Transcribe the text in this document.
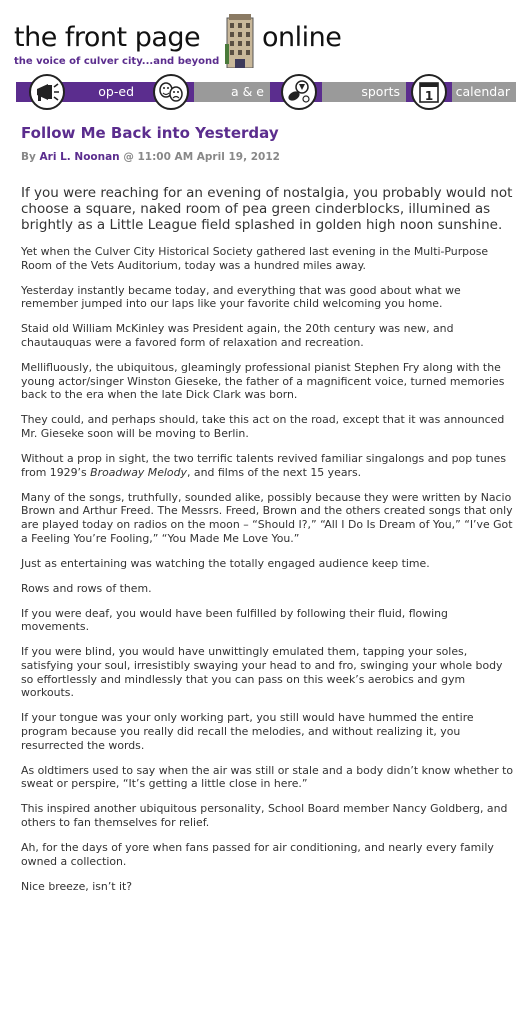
the front page online
the voice of culver city...and beyond
op-ed	a & e	sports	1 calendar
Follow Me Back into Yesterday
By Ari L. Noonan @ 11:00 AM April 19, 2012
If you were reaching for an evening of nostalgia, you probably would not choose a square, naked room of pea green cinderblocks, illumined as brightly as a Little League field splashed in golden high noon sunshine.

Yet when the Culver City Historical Society gathered last evening in the Multi-Purpose Room of the Vets Auditorium, today was a hundred miles away.

Yesterday instantly became today, and everything that was good about what we remember jumped into our laps like your favorite child welcoming you home.

Staid old William McKinley was President again, the 20th century was new, and chautauquas were a favored form of relaxation and recreation.

Mellifluously, the ubiquitous, gleamingly professional pianist Stephen Fry along with the young actor/singer Winston Gieseke, the father of a magnificent voice, turned memories back to the era when the late Dick Clark was born.

They could, and perhaps should, take this act on the road, except that it was announced Mr. Gieseke soon will be moving to Berlin.

Without a prop in sight, the two terrific talents revived familiar singalongs and pop tunes from 1929’s Broadway Melody, and films of the next 15 years.

Many of the songs, truthfully, sounded alike, possibly because they were written by Nacio Brown and Arthur Freed. The Messrs. Freed, Brown and the others created songs that only are played today on radios on the moon – “Should I?,” “All I Do Is Dream of You,” “I’ve Got a Feeling You’re Fooling,” “You Made Me Love You.”

Just as entertaining was watching the totally engaged audience keep time.

Rows and rows of them.

If you were deaf, you would have been fulfilled by following their fluid, flowing movements.

If you were blind, you would have unwittingly emulated them, tapping your soles, satisfying your soul, irresistibly swaying your head to and fro, swinging your whole body so effortlessly and mindlessly that you can pass on this week’s aerobics and gym workouts.

If your tongue was your only working part, you still would have hummed the entire program because you really did recall the melodies, and without realizing it, you resurrected the words.

As oldtimers used to say when the air was still or stale and a body didn’t know whether to sweat or perspire, “It’s getting a little close in here.”

This inspired another ubiquitous personality, School Board member Nancy Goldberg, and others to fan themselves for relief.

Ah, for the days of yore when fans passed for air conditioning, and nearly every family owned a collection.

Nice breeze, isn’t it?
